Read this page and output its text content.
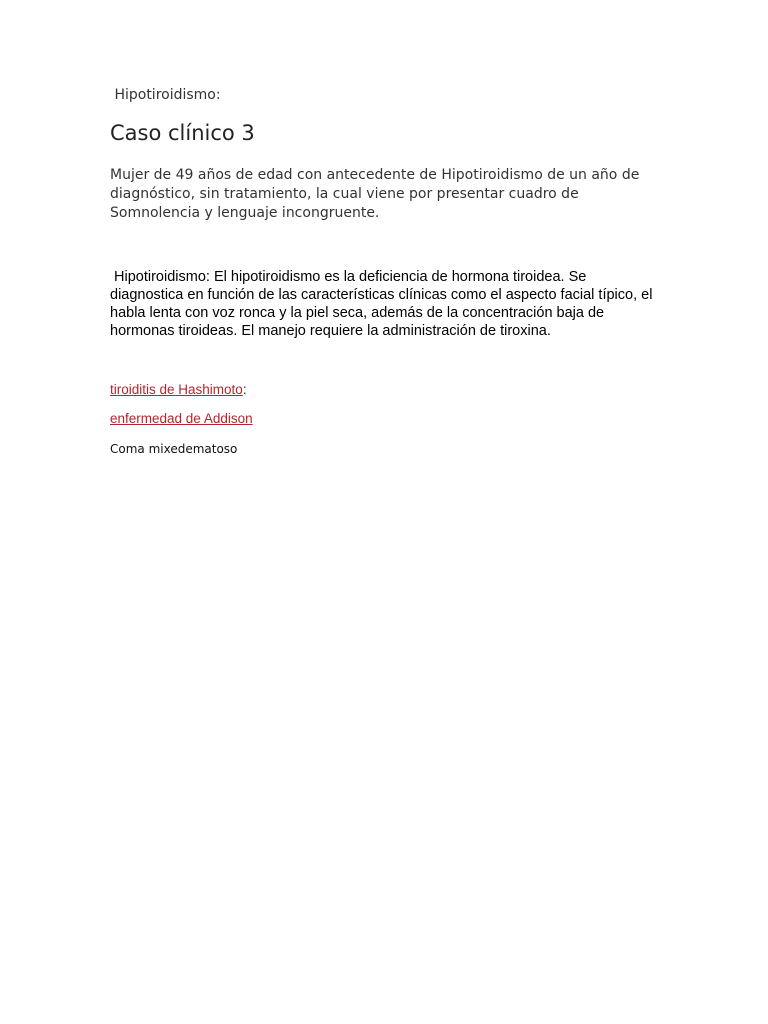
Hipotiroidismo:
Caso clínico 3
Mujer de 49 años de edad con antecedente de Hipotiroidismo de un año de diagnóstico, sin tratamiento, la cual viene por presentar cuadro de Somnolencia y lenguaje incongruente.
Hipotiroidismo: El hipotiroidismo es la deficiencia de hormona tiroidea. Se diagnostica en función de las características clínicas como el aspecto facial típico, el habla lenta con voz ronca y la piel seca, además de la concentración baja de hormonas tiroideas. El manejo requiere la administración de tiroxina.
tiroiditis de Hashimoto:
enfermedad de Addison
Coma mixedematoso
